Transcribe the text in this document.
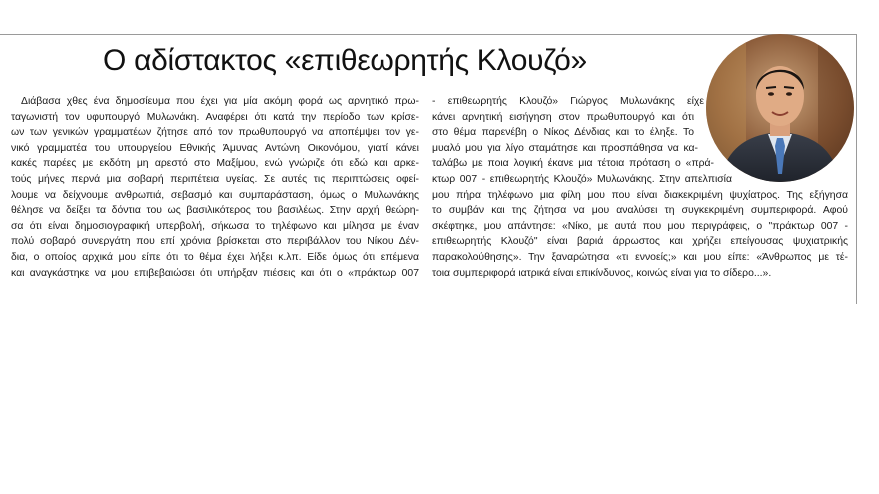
Ο αδίστακτος «επιθεωρητής Κλουζό»
Διάβασα χθες ένα δημοσίευμα που έχει για μία ακόμη φορά ως αρνητικό πρω-
ταγωνιστή τον υφυπουργό Μυλωνάκη. Αναφέρει ότι κατά την περίοδο των κρίσε-
ων των γενικών γραμματέων ζήτησε από τον πρωθυπουργό να αποπέμψει τον γε-
νικό γραμματέα του υπουργείου Εθνικής Άμυνας Αντώνη Οικονόμου, γιατί κάνει
κακές παρέες με εκδότη μη αρεστό στο Μαξίμου, ενώ γνώριζε ότι εδώ και αρκε-
τούς μήνες περνά μια σοβαρή περιπέτεια υγείας. Σε αυτές τις περιπτώσεις οφεί-
λουμε να δείχνουμε ανθρωπιά, σεβασμό και συμπαράσταση, όμως ο Μυλωνάκης
θέλησε να δείξει τα δόντια του ως βασιλικότερος του βασιλέως. Στην αρχή θεώρη-
σα ότι είναι δημοσιογραφική υπερβολή, σήκωσα το τηλέφωνο και μίλησα με έναν
πολύ σοβαρό συνεργάτη που επί χρόνια βρίσκεται στο περιβάλλον του Νίκου Δέν-
δια, ο οποίος αρχικά μου είπε ότι το θέμα έχει λήξει κ.λπ. Είδε όμως ότι επέμενα
και αναγκάστηκε να μου επιβεβαιώσει ότι υπήρξαν πιέσεις και ότι ο «πράκτωρ 007
- επιθεωρητής Κλουζό» Γιώργος Μυλωνάκης είχε
κάνει αρνητική εισήγηση στον πρωθυπουργό και ότι
στο θέμα παρενέβη ο Νίκος Δένδιας και το έληξε. Το
μυαλό μου για λίγο σταμάτησε και προσπάθησα να κα-
ταλάβω με ποια λογική έκανε μια τέτοια πρόταση ο «πρά-
κτωρ 007 - επιθεωρητής Κλουζό» Μυλωνάκης. Στην απελπισία
μου πήρα τηλέφωνο μια φίλη μου που είναι διακεκριμένη ψυχίατρος. Της εξήγησα
το συμβάν και της ζήτησα να μου αναλύσει τη συγκεκριμένη συμπεριφορά. Αφού
σκέφτηκε, μου απάντησε: «Νίκο, με αυτά που μου περιγράφεις, ο "πράκτωρ 007 -
επιθεωρητής Κλουζό" είναι βαριά άρρωστος και χρήζει επείγουσας ψυχιατρικής
παρακολούθησης». Την ξαναρώτησα «τι εννοείς;» και μου είπε: «Άνθρωπος με τέ-
τοια συμπεριφορά ιατρικά είναι επικίνδυνος, κοινώς είναι για το σίδερο...».
